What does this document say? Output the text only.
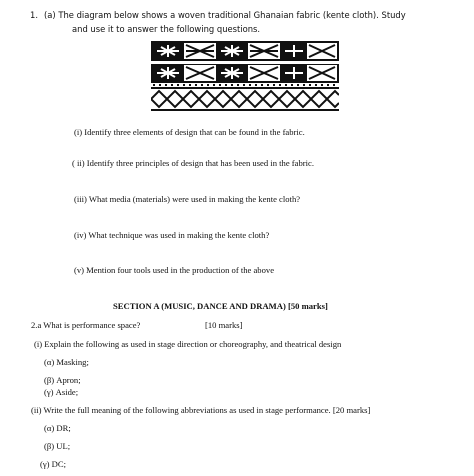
1. (a) The diagram below shows a woven traditional Ghanaian fabric (kente cloth). Study
and use it to answer the following questions.
(i) Identify three elements of design that can be found in the fabric.
( ii) Identify three principles of design that has been used in the fabric.
(iii) What media (materials) were used in making the kente cloth?
(iv) What technique was used in making the kente cloth?
(v) Mention four tools used in the production of the above
SECTION A (MUSIC, DANCE AND DRAMA) [50 marks]
2.a What is performance space?	[10 marks]
(i) Explain the following as used in stage direction or choreography, and theatrical design
(α) Masking;
(β) Apron;
(γ) Aside;
(ii) Write the full meaning of the following abbreviations as used in stage performance. [20 marks]
(α) DR;
(β) UL;
(γ) DC;
